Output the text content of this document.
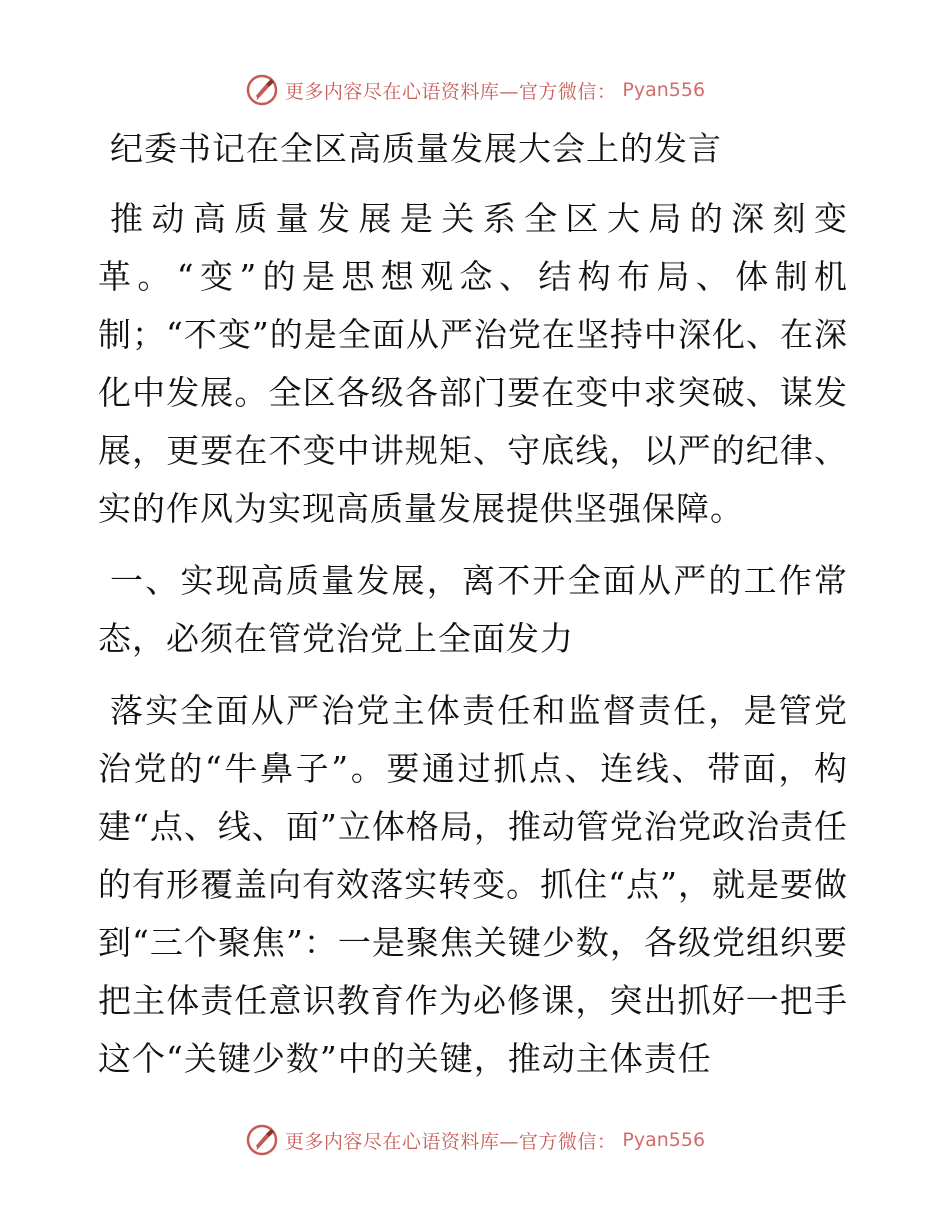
更多内容尽在心语资料库—官方微信： Pyan556
纪委书记在全区高质量发展大会上的发言

推动高质量发展是关系全区大局的深刻变革。“变”的是思想观念、结构布局、体制机制；“不变”的是全面从严治党在坚持中深化、在深化中发展。全区各级各部门要在变中求突破、谋发展，更要在不变中讲规矩、守底线，以严的纪律、实的作风为实现高质量发展提供坚强保障。

一、实现高质量发展，离不开全面从严的工作常态，必须在管党治党上全面发力

落实全面从严治党主体责任和监督责任，是管党治党的“牛鼻子”。要通过抓点、连线、带面，构建“点、线、面”立体格局，推动管党治党政治责任的有形覆盖向有效落实转变。抓住“点”，就是要做到“三个聚焦”：一是聚焦关键少数，各级党组织要把主体责任意识教育作为必修课，突出抓好一把手这个“关键少数”中的关键，推动主体责任

更多内容尽在心语资料库—官方微信： Pyan556
